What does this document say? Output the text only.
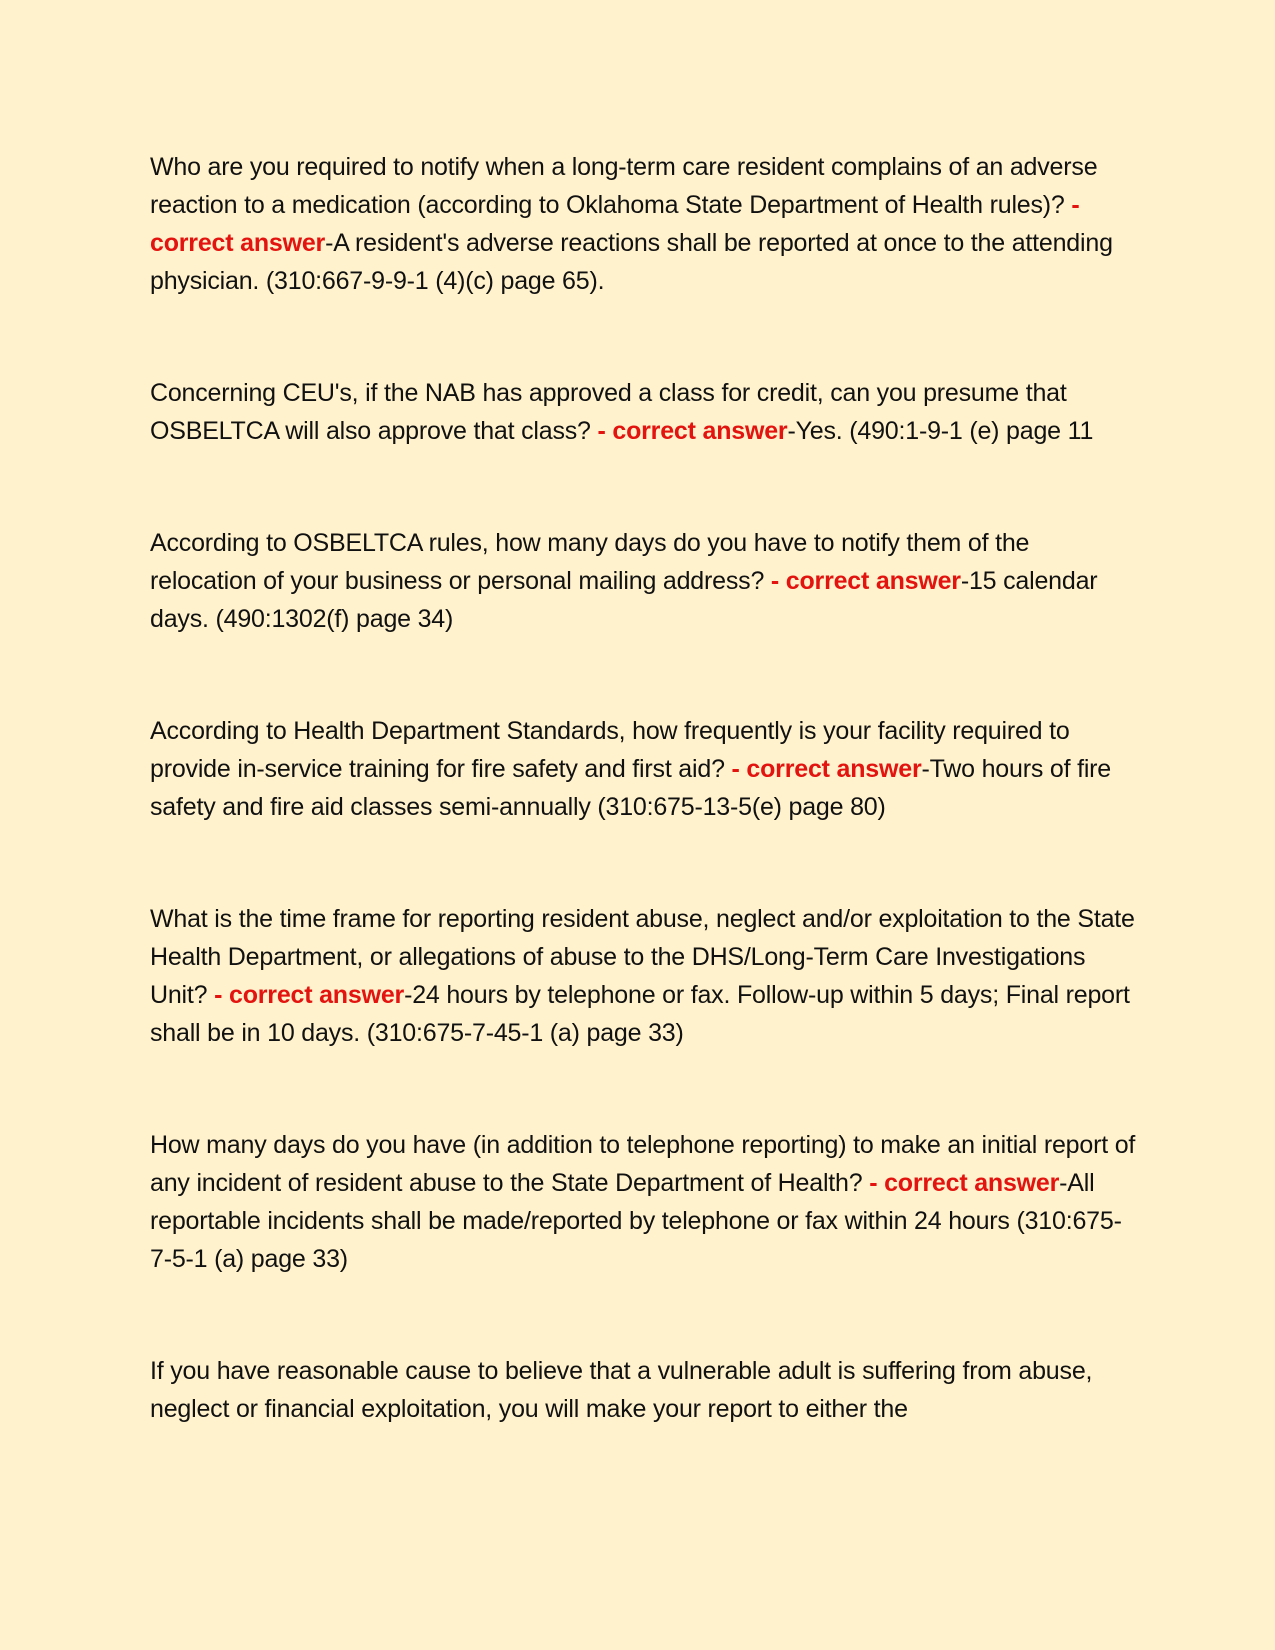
Who are you required to notify when a long-term care resident complains of an adverse reaction to a medication (according to Oklahoma State Department of Health rules)? - correct answer-A resident's adverse reactions shall be reported at once to the attending physician. (310:667-9-9-1 (4)(c) page 65).

Concerning CEU's, if the NAB has approved a class for credit, can you presume that OSBELTCA will also approve that class? - correct answer-Yes. (490:1-9-1 (e) page 11

According to OSBELTCA rules, how many days do you have to notify them of the relocation of your business or personal mailing address? - correct answer-15 calendar days. (490:1302(f) page 34)

According to Health Department Standards, how frequently is your facility required to provide in-service training for fire safety and first aid? - correct answer-Two hours of fire safety and fire aid classes semi-annually (310:675-13-5(e) page 80)

What is the time frame for reporting resident abuse, neglect and/or exploitation to the State Health Department, or allegations of abuse to the DHS/Long-Term Care Investigations Unit? - correct answer-24 hours by telephone or fax. Follow-up within 5 days; Final report shall be in 10 days. (310:675-7-45-1 (a) page 33)

How many days do you have (in addition to telephone reporting) to make an initial report of any incident of resident abuse to the State Department of Health? - correct answer-All reportable incidents shall be made/reported by telephone or fax within 24 hours (310:675-7-5-1 (a) page 33)

If you have reasonable cause to believe that a vulnerable adult is suffering from abuse, neglect or financial exploitation, you will make your report to either the
